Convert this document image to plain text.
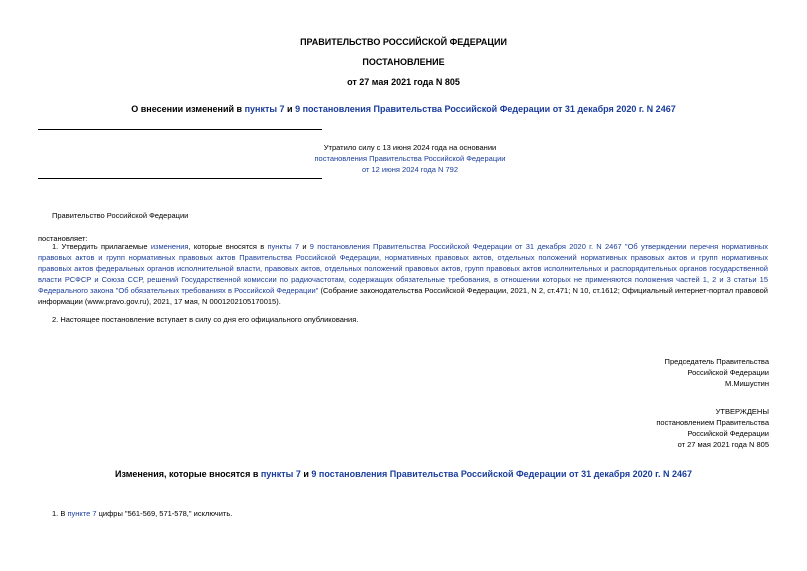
ПРАВИТЕЛЬСТВО РОССИЙСКОЙ ФЕДЕРАЦИИ
ПОСТАНОВЛЕНИЕ
от 27 мая 2021 года N 805
О внесении изменений в пункты 7 и 9 постановления Правительства Российской Федерации от 31 декабря 2020 г. N 2467
Утратило силу с 13 июня 2024 года на основании
постановления Правительства Российской Федерации
от 12 июня 2024 года N 792
Правительство Российской Федерации
постановляет:
1. Утвердить прилагаемые изменения, которые вносятся в пункты 7 и 9 постановления Правительства Российской Федерации от 31 декабря 2020 г. N 2467 "Об утверждении перечня нормативных правовых актов и групп нормативных правовых актов Правительства Российской Федерации, нормативных правовых актов, отдельных положений нормативных правовых актов и групп нормативных правовых актов федеральных органов исполнительной власти, правовых актов, отдельных положений правовых актов, групп правовых актов исполнительных и распорядительных органов государственной власти РСФСР и Союза ССР, решений Государственной комиссии по радиочастотам, содержащих обязательные требования, в отношении которых не применяются положения частей 1, 2 и 3 статьи 15 Федерального закона "Об обязательных требованиях в Российской Федерации" (Собрание законодательства Российской Федерации, 2021, N 2, ст.471; N 10, ст.1612; Официальный интернет-портал правовой информации (www.pravo.gov.ru), 2021, 17 мая, N 0001202105170015).
2. Настоящее постановление вступает в силу со дня его официального опубликования.
Председатель Правительства
Российской Федерации
М.Мишустин
УТВЕРЖДЕНЫ
постановлением Правительства
Российской Федерации
от 27 мая 2021 года N 805
Изменения, которые вносятся в пункты 7 и 9 постановления Правительства Российской Федерации от 31 декабря 2020 г. N 2467
1. В пункте 7 цифры "561-569, 571-578," исключить.
